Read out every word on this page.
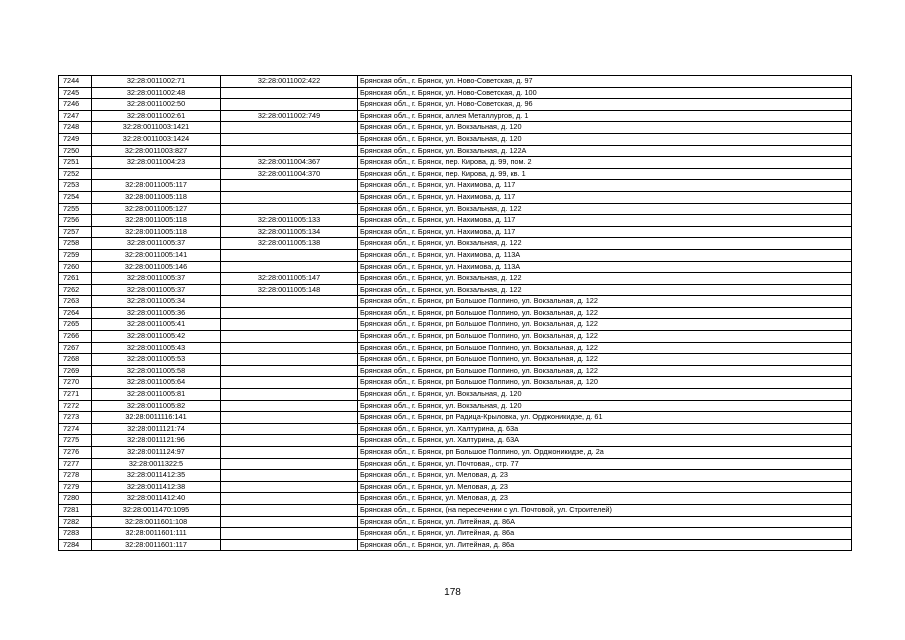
7244	32:28:0011002:71	32:28:0011002:422	Брянская обл., г. Брянск, ул. Ново-Советская, д. 97
7245	32:28:0011002:48		Брянская обл., г. Брянск, ул. Ново-Советская, д. 100
7246	32:28:0011002:50		Брянская обл., г. Брянск, ул. Ново-Советская, д. 96
7247	32:28:0011002:61	32:28:0011002:749	Брянская обл., г. Брянск, аллея Металлургов, д. 1
7248	32:28:0011003:1421		Брянская обл., г. Брянск, ул. Вокзальная, д. 120
7249	32:28:0011003:1424		Брянская обл., г. Брянск, ул. Вокзальная, д. 120
7250	32:28:0011003:827		Брянская обл., г. Брянск, ул. Вокзальная, д. 122А
7251	32:28:0011004:23	32:28:0011004:367	Брянская обл., г. Брянск, пер. Кирова, д. 99, пом. 2
7252		32:28:0011004:370	Брянская обл., г. Брянск, пер. Кирова, д. 99, кв. 1
7253	32:28:0011005:117		Брянская обл., г. Брянск, ул. Нахимова, д. 117
7254	32:28:0011005:118		Брянская обл., г. Брянск, ул. Нахимова, д. 117
7255	32:28:0011005:127		Брянская обл., г. Брянск, ул. Вокзальная, д. 122
7256	32:28:0011005:118	32:28:0011005:133	Брянская обл., г. Брянск, ул. Нахимова, д. 117
7257	32:28:0011005:118	32:28:0011005:134	Брянская обл., г. Брянск, ул. Нахимова, д. 117
7258	32:28:0011005:37	32:28:0011005:138	Брянская обл., г. Брянск, ул. Вокзальная, д. 122
7259	32:28:0011005:141		Брянская обл., г. Брянск, ул. Нахимова, д. 113А
7260	32:28:0011005:146		Брянская обл., г. Брянск, ул. Нахимова, д. 113А
7261	32:28:0011005:37	32:28:0011005:147	Брянская обл., г. Брянск, ул. Вокзальная, д. 122
7262	32:28:0011005:37	32:28:0011005:148	Брянская обл., г. Брянск, ул. Вокзальная, д. 122
7263	32:28:0011005:34		Брянская обл., г. Брянск, рп Большое Полпино, ул. Вокзальная, д. 122
7264	32:28:0011005:36		Брянская обл., г. Брянск, рп Большое Полпино, ул. Вокзальная, д. 122
7265	32:28:0011005:41		Брянская обл., г. Брянск, рп Большое Полпино, ул. Вокзальная, д. 122
7266	32:28:0011005:42		Брянская обл., г. Брянск, рп Большое Полпино, ул. Вокзальная, д. 122
7267	32:28:0011005:43		Брянская обл., г. Брянск, рп Большое Полпино, ул. Вокзальная, д. 122
7268	32:28:0011005:53		Брянская обл., г. Брянск, рп Большое Полпино, ул. Вокзальная, д. 122
7269	32:28:0011005:58		Брянская обл., г. Брянск, рп Большое Полпино, ул. Вокзальная, д. 122
7270	32:28:0011005:64		Брянская обл., г. Брянск, рп Большое Полпино, ул. Вокзальная, д. 120
7271	32:28:0011005:81		Брянская обл., г. Брянск, ул. Вокзальная, д. 120
7272	32:28:0011005:82		Брянская обл., г. Брянск, ул. Вокзальная, д. 120
7273	32:28:0011116:141		Брянская обл., г. Брянск, рп Радица-Крыловка, ул. Орджоникидзе, д. 61
7274	32:28:0011121:74		Брянская обл., г. Брянск, ул. Халтурина, д. 63а
7275	32:28:0011121:96		Брянская обл., г. Брянск, ул. Халтурина, д. 63А
7276	32:28:0011124:97		Брянская обл., г. Брянск, рп Большое Полпино, ул. Орджоникидзе, д. 2а
7277	32:28:0011322:5		Брянская обл., г. Брянск, ул. Почтовая,, стр. 77
7278	32:28:0011412:35		Брянская обл., г. Брянск, ул. Меловая, д. 23
7279	32:28:0011412:38		Брянская обл., г. Брянск, ул. Меловая, д. 23
7280	32:28:0011412:40		Брянская обл., г. Брянск, ул. Меловая, д. 23
7281	32:28:0011470:1095		Брянская обл., г. Брянск, (на пересечении с ул. Почтовой, ул. Строителей)
7282	32:28:0011601:108		Брянская обл., г. Брянск, ул. Литейная, д. 86А
7283	32:28:0011601:111		Брянская обл., г. Брянск, ул. Литейная, д. 86а
7284	32:28:0011601:117		Брянская обл., г. Брянск, ул. Литейная, д. 86а
178
